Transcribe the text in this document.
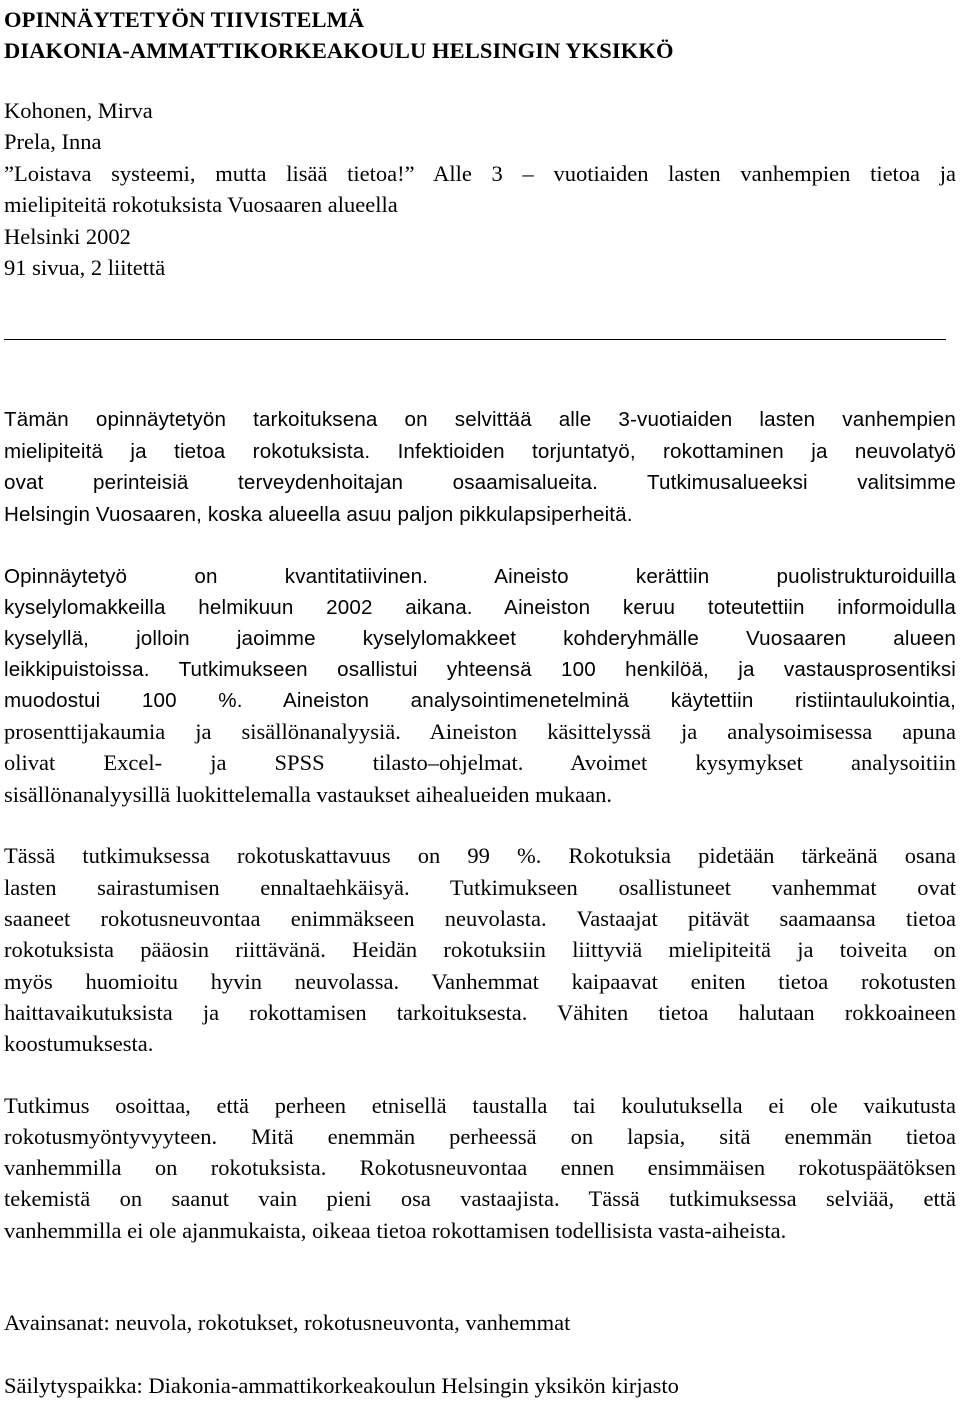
OPINNÄYTETYÖN TIIVISTELMÄ
DIAKONIA-AMMATTIKORKEAKOULU HELSINGIN YKSIKKÖ
Kohonen, Mirva
Prela, Inna
”Loistava systeemi, mutta lisää tietoa!” Alle 3 – vuotiaiden lasten vanhempien tietoa ja
mielipiteitä rokotuksista Vuosaaren alueella
Helsinki 2002
91 sivua, 2 liitettä
Tämän opinnäytetyön tarkoituksena on selvittää alle 3-vuotiaiden lasten vanhempien
mielipiteitä ja tietoa rokotuksista. Infektioiden torjuntatyö, rokottaminen ja neuvolatyö
ovat perinteisiä terveydenhoitajan osaamisalueita. Tutkimusalueeksi valitsimme
Helsingin Vuosaaren, koska alueella asuu paljon pikkulapsiperheitä.
Opinnäytetyö on kvantitatiivinen. Aineisto kerättiin puolistrukturoiduilla
kyselylomakkeilla helmikuun 2002 aikana. Aineiston keruu toteutettiin informoidulla
kyselyllä, jolloin jaoimme kyselylomakkeet kohderyhmälle Vuosaaren alueen
leikkipuistoissa. Tutkimukseen osallistui yhteensä 100 henkilöä, ja vastausprosentiksi
muodostui 100 %. Aineiston analysointimenetelminä käytettiin ristiintaulukointia,
prosenttijakaumia ja sisällönanalyysiä. Aineiston käsittelyssä ja analysoimisessa apuna
olivat Excel- ja SPSS tilasto–ohjelmat. Avoimet kysymykset analysoitiin
sisällönanalyysillä luokittelemalla vastaukset aihealueiden mukaan.
Tässä tutkimuksessa rokotuskattavuus on 99 %. Rokotuksia pidetään tärkeänä osana
lasten sairastumisen ennaltaehkäisyä. Tutkimukseen osallistuneet vanhemmat ovat
saaneet rokotusneuvontaa enimmäkseen neuvolasta. Vastaajat pitävät saamaansa tietoa
rokotuksista pääosin riittävänä. Heidän rokotuksiin liittyviä mielipiteitä ja toiveita on
myös huomioitu hyvin neuvolassa. Vanhemmat kaipaavat eniten tietoa rokotusten
haittavaikutuksista ja rokottamisen tarkoituksesta. Vähiten tietoa halutaan rokkoaineen
koostumuksesta.
Tutkimus osoittaa, että perheen etnisellä taustalla tai koulutuksella ei ole vaikutusta
rokotusmyöntyvyyteen. Mitä enemmän perheessä on lapsia, sitä enemmän tietoa
vanhemmilla on rokotuksista. Rokotusneuvontaa ennen ensimmäisen rokotuspäätöksen
tekemistä on saanut vain pieni osa vastaajista. Tässä tutkimuksessa selviää, että
vanhemmilla ei ole ajanmukaista, oikeaa tietoa rokottamisen todellisista vasta-aiheista.
Avainsanat: neuvola, rokotukset, rokotusneuvonta, vanhemmat
Säilytyspaikka: Diakonia-ammattikorkeakoulun Helsingin yksikön kirjasto
